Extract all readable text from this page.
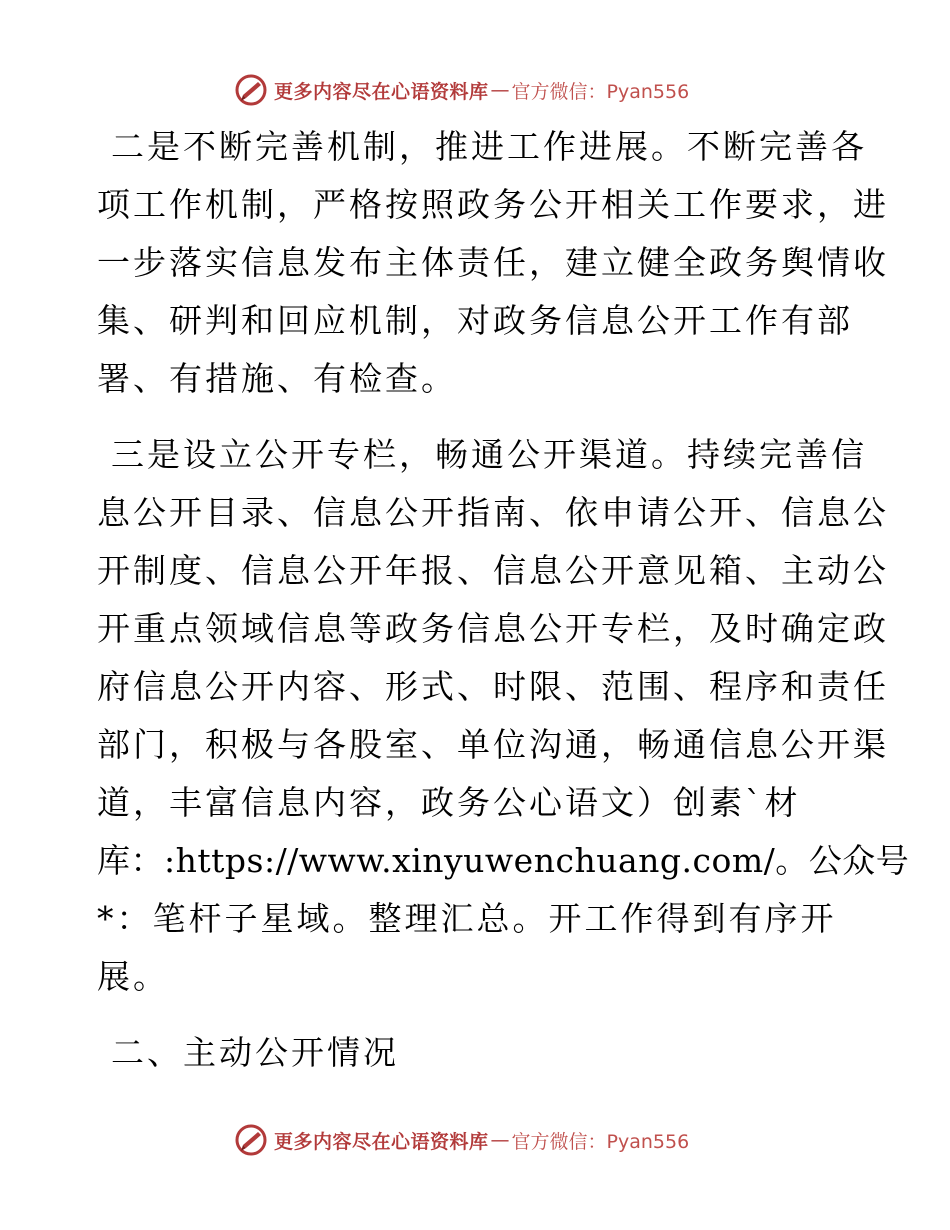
更多内容尽在心语资料库 — 官方微信：Pyan556
二是不断完善机制，推进工作进展。不断完善各
项工作机制，严格按照政务公开相关工作要求，进
一步落实信息发布主体责任，建立健全政务舆情收
集、研判和回应机制，对政务信息公开工作有部
署、有措施、有检查。
三是设立公开专栏，畅通公开渠道。持续完善信
息公开目录、信息公开指南、依申请公开、信息公
开制度、信息公开年报、信息公开意见箱、主动公
开重点领域信息等政务信息公开专栏，及时确定政
府信息公开内容、形式、时限、范围、程序和责任
部门，积极与各股室、单位沟通，畅通信息公开渠
道，丰富信息内容，政务公心语文）创素`材
库：:https://www.xinyuwenchuang.com/。公众号
*：笔杆子星域。整理汇总。开工作得到有序开
展。
二、主动公开情况
更多内容尽在心语资料库 — 官方微信：Pyan556
